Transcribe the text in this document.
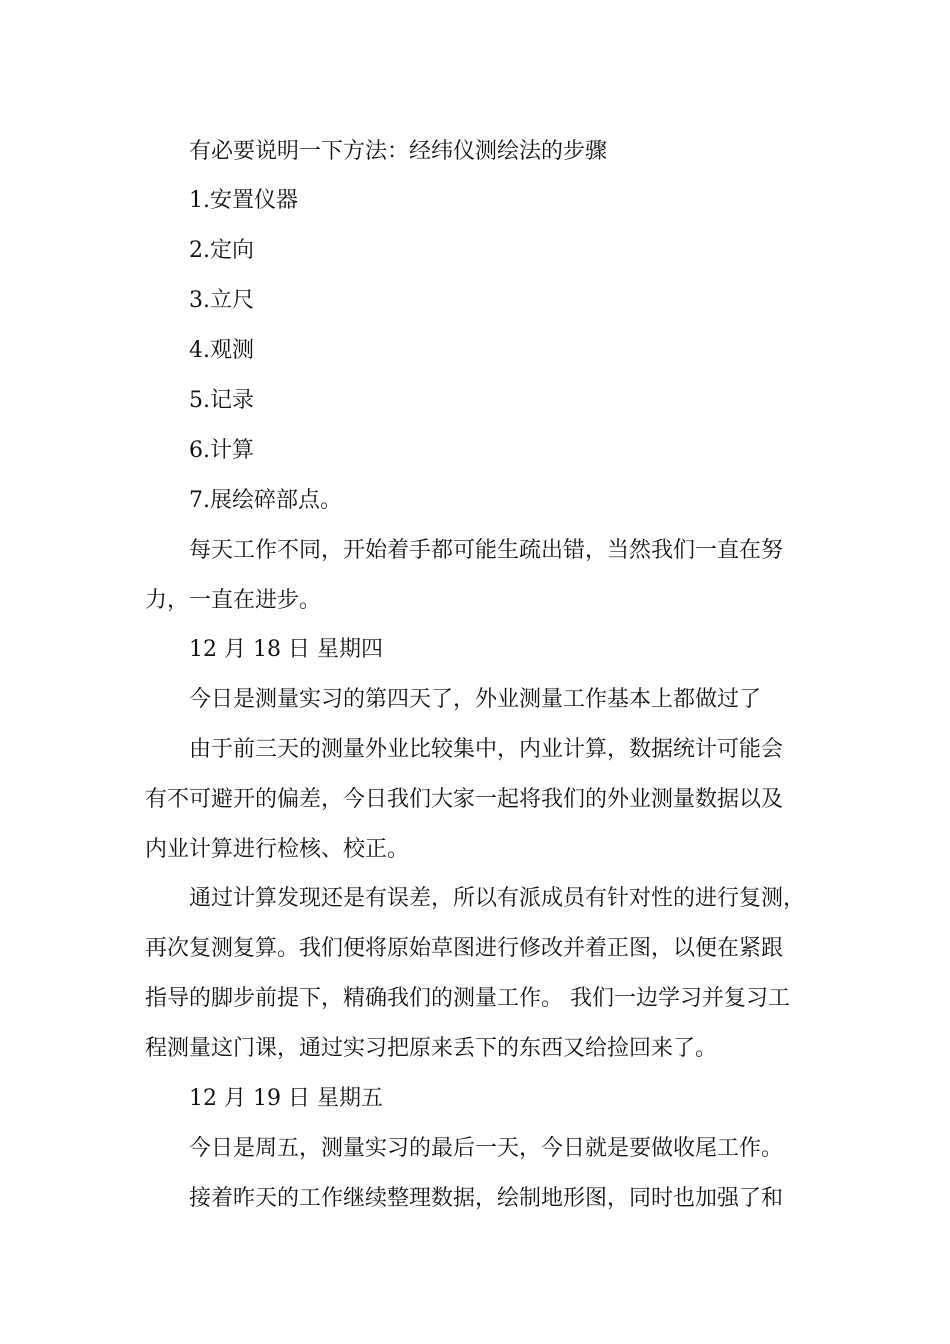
有必要说明一下方法：经纬仪测绘法的步骤
1.安置仪器
2.定向
3.立尺
4.观测
5.记录
6.计算
7.展绘碎部点。
每天工作不同，开始着手都可能生疏出错，当然我们一直在努
力，一直在进步。
12 月 18 日 星期四
今日是测量实习的第四天了，外业测量工作基本上都做过了
由于前三天的测量外业比较集中，内业计算，数据统计可能会
有不可避开的偏差，今日我们大家一起将我们的外业测量数据以及
内业计算进行检核、校正。
通过计算发现还是有误差，所以有派成员有针对性的进行复测，
再次复测复算。我们便将原始草图进行修改并着正图，以便在紧跟
指导的脚步前提下，精确我们的测量工作。 我们一边学习并复习工
程测量这门课，通过实习把原来丢下的东西又给捡回来了。
12 月 19 日 星期五
今日是周五，测量实习的最后一天，今日就是要做收尾工作。
接着昨天的工作继续整理数据，绘制地形图，同时也加强了和
